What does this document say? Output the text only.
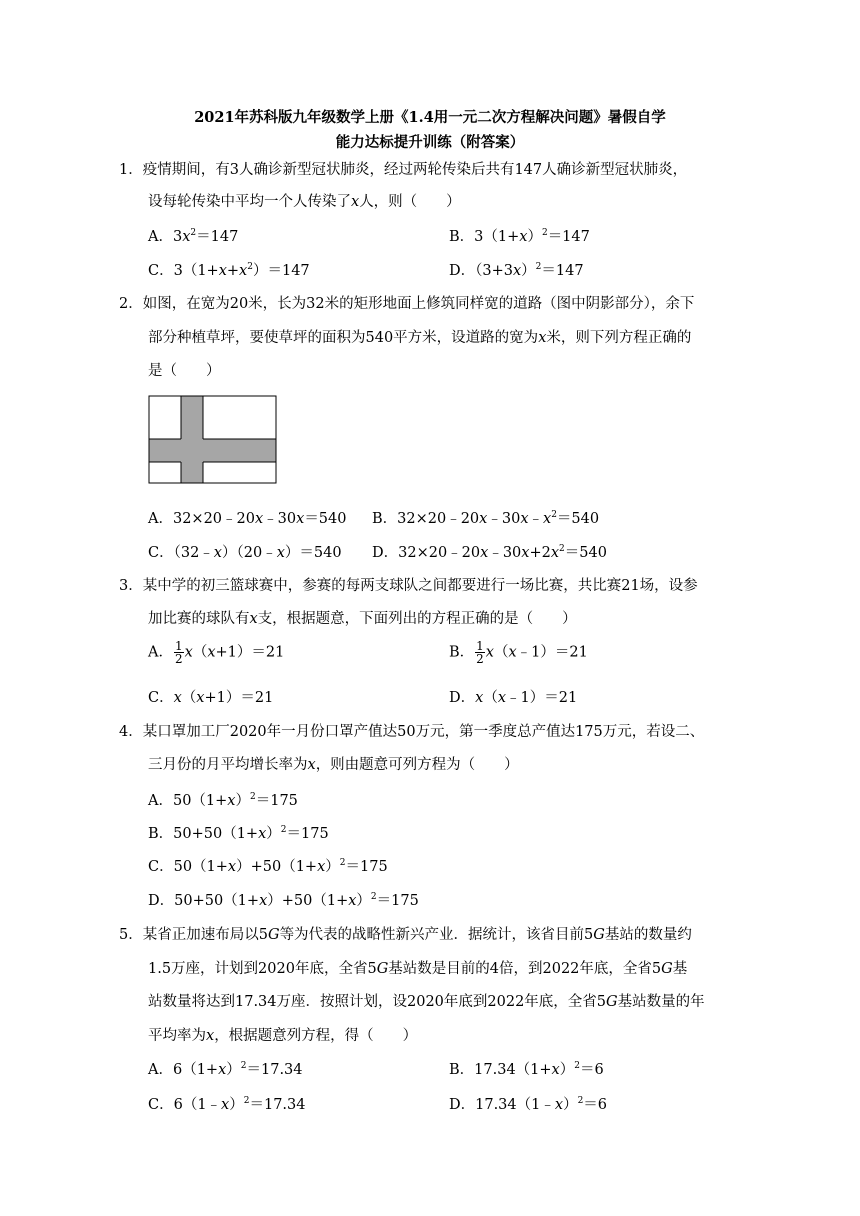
2021年苏科版九年级数学上册《1.4用一元二次方程解决问题》暑假自学
能力达标提升训练（附答案）
1．疫情期间，有3人确诊新型冠状肺炎，经过两轮传染后共有147人确诊新型冠状肺炎，
设每轮传染中平均一个人传染了x人，则（　　）
A．$3x^2=147$	B．$3(1+x)^2=147$
C．$3(1+x+x^2)=147$	D．$(3+3x)^2=147$
2．如图，在宽为20米，长为32米的矩形地面上修筑同样宽的道路（图中阴影部分），余下
部分种植草坪，要使草坪的面积为540平方米，设道路的宽为x米，则下列方程正确的
是（　　）
A．32×20﹣20x﹣30x＝540 B．$32\times 20﹣20x﹣30x﹣x^2=540$
C．（32﹣x）（20﹣x）＝540 D．$32\times 20﹣20x﹣30x+2x^2=540$
3．某中学的初三篮球赛中，参赛的每两支球队之间都要进行一场比赛，共比赛21场，设参
加比赛的球队有x支，根据题意，下面列出的方程正确的是（　　）
A． $\frac{1}{2} x(x+1)=21$	B． $\frac{1}{2}$ x（x﹣1）＝21
C．x（x+1）＝21	D．x（x﹣1）＝21
4．某口罩加工厂2020年一月份口罩产值达50万元，第一季度总产值达175万元，若设二、
三月份的月平均增长率为x，则由题意可列方程为（　　）
A．$50(1+x)^2=175$
B．$50+50(1+x)^2=175$
C．$50(1+x)+50(1+x)^2=175$
D．$50+50(1+x)+50(1+x)^2=175$
5．某省正加速布局以5G等为代表的战略性新兴产业．据统计，该省目前5G基站的数量约
1.5万座，计划到2020年底，全省5G基站数是目前的4倍，到2022年底，全省5G基
站数量将达到17.34万座．按照计划，设2020年底到2022年底，全省5G基站数量的年
平均率为x，根据题意列方程，得（　　）
A．$6(1+x)^2=17.34$	B．$17.34(1+x)^2=6$
C．6（1﹣x）$^2$＝17.34	D．17.34（1﹣x）$^2$＝6
